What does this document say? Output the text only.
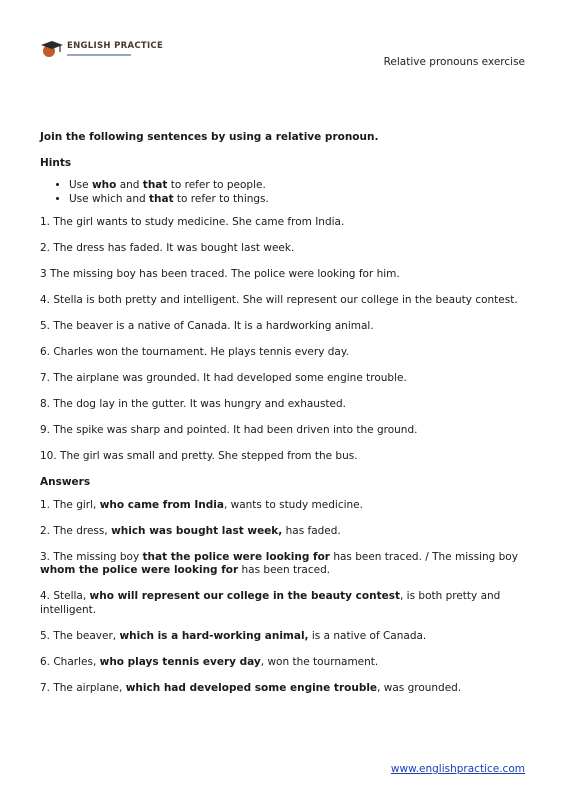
ENGLISH PRACTICE
Relative pronouns exercise

Join the following sentences by using a relative pronoun.

Hints

• Use who and that to refer to people.
• Use which and that to refer to things.

1. The girl wants to study medicine. She came from India.

2. The dress has faded. It was bought last week.

3 The missing boy has been traced. The police were looking for him.

4. Stella is both pretty and intelligent. She will represent our college in the beauty contest.

5. The beaver is a native of Canada. It is a hardworking animal.

6. Charles won the tournament. He plays tennis every day.

7. The airplane was grounded. It had developed some engine trouble.

8. The dog lay in the gutter. It was hungry and exhausted.

9. The spike was sharp and pointed. It had been driven into the ground.

10. The girl was small and pretty. She stepped from the bus.

Answers

1. The girl, who came from India, wants to study medicine.

2. The dress, which was bought last week, has faded.

3. The missing boy that the police were looking for has been traced. / The missing boy whom the police were looking for has been traced.

4. Stella, who will represent our college in the beauty contest, is both pretty and intelligent.

5. The beaver, which is a hard-working animal, is a native of Canada.

6. Charles, who plays tennis every day, won the tournament.

7. The airplane, which had developed some engine trouble, was grounded.

www.englishpractice.com
